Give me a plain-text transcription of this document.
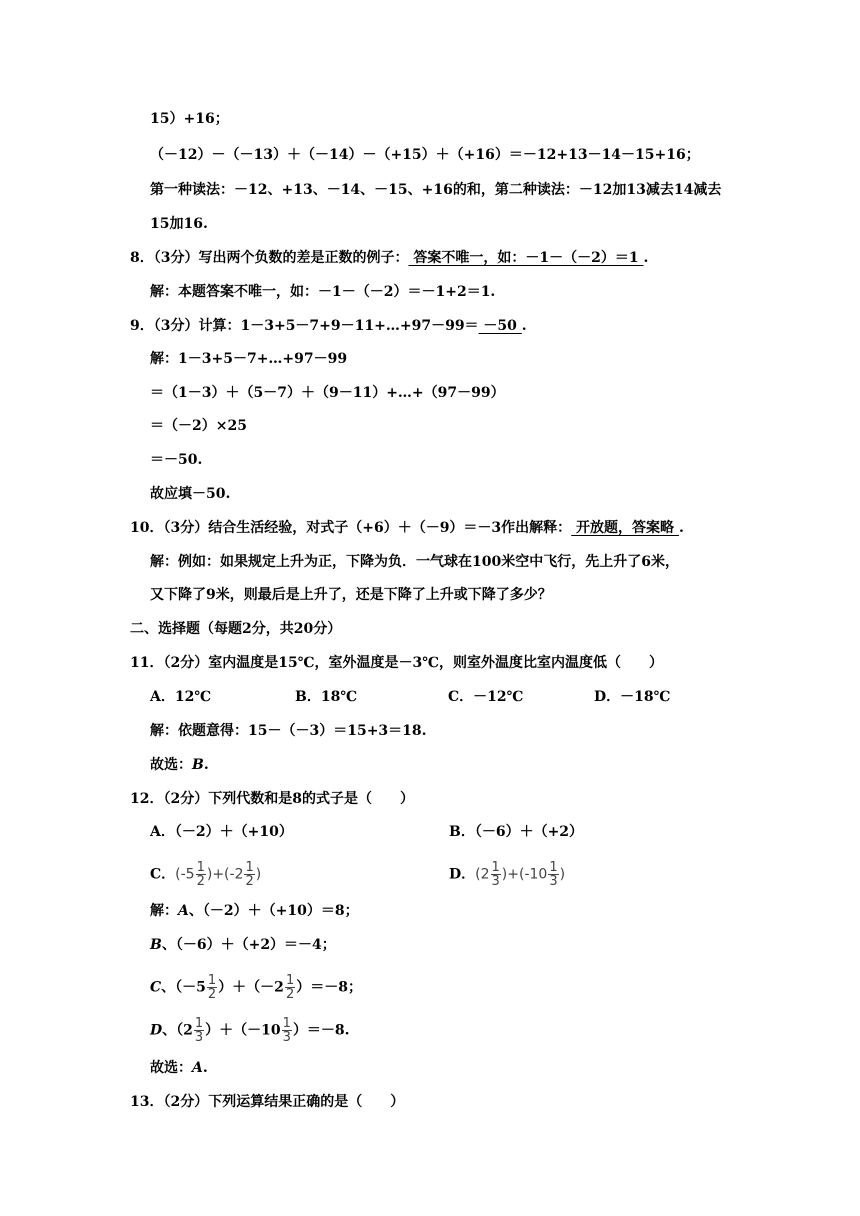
15）+16；
（－12）－（－13）＋（－14）－（+15）＋（+16）＝－12+13－14－15+16；
第一种读法：－12、+13、－14、－15、+16的和，第二种读法：－12加13减去14减去
15加16.
8．（3分）写出两个负数的差是正数的例子： 答案不唯一，如：－1－（－2）＝1 .
解：本题答案不唯一，如：－1－（－2）＝－1+2＝1.
9．（3分）计算：1－3+5－7+9－11+…+97－99＝ －50 .
解：1－3+5－7+…+97－99
＝（1－3）＋（5－7）＋（9－11）+…+（97－99）
＝（－2）×25
＝－50.
故应填－50.
10．（3分）结合生活经验，对式子（+6）＋（－9）＝－3作出解释： 开放题，答案略 .
解：例如：如果规定上升为正，下降为负．一气球在100米空中飞行，先上升了6米，
又下降了9米，则最后是上升了，还是下降了上升或下降了多少？
二、选择题（每题2分，共20分）
11．（2分）室内温度是15℃，室外温度是－3℃，则室外温度比室内温度低（　　）
A．12℃	B．18℃	C．－12℃	D．－18℃
解：依题意得：15－（－3）＝15+3＝18.
故选：B.
12．（2分）下列代数和是8的式子是（　　）
A．（－2）＋（+10）	B．（－6）＋（+2）
C．$(-5 \frac{1}{2} )+(-2 \frac{1}{2}$ )	D．$(2 \frac{1}{3} )+(-10 \frac{1}{3}$ )
解：A、（－2）＋（+10）＝8；
B、（－6）＋（+2）＝－4；
C、$(-5 \frac{1}{2} )+(-2 \frac{1}{2} )=-8$；
D、$(2 \frac{1}{3} )+(-10 \frac{1}{3} )=-8$.
故选：A.
13．（2分）下列运算结果正确的是（　　）
